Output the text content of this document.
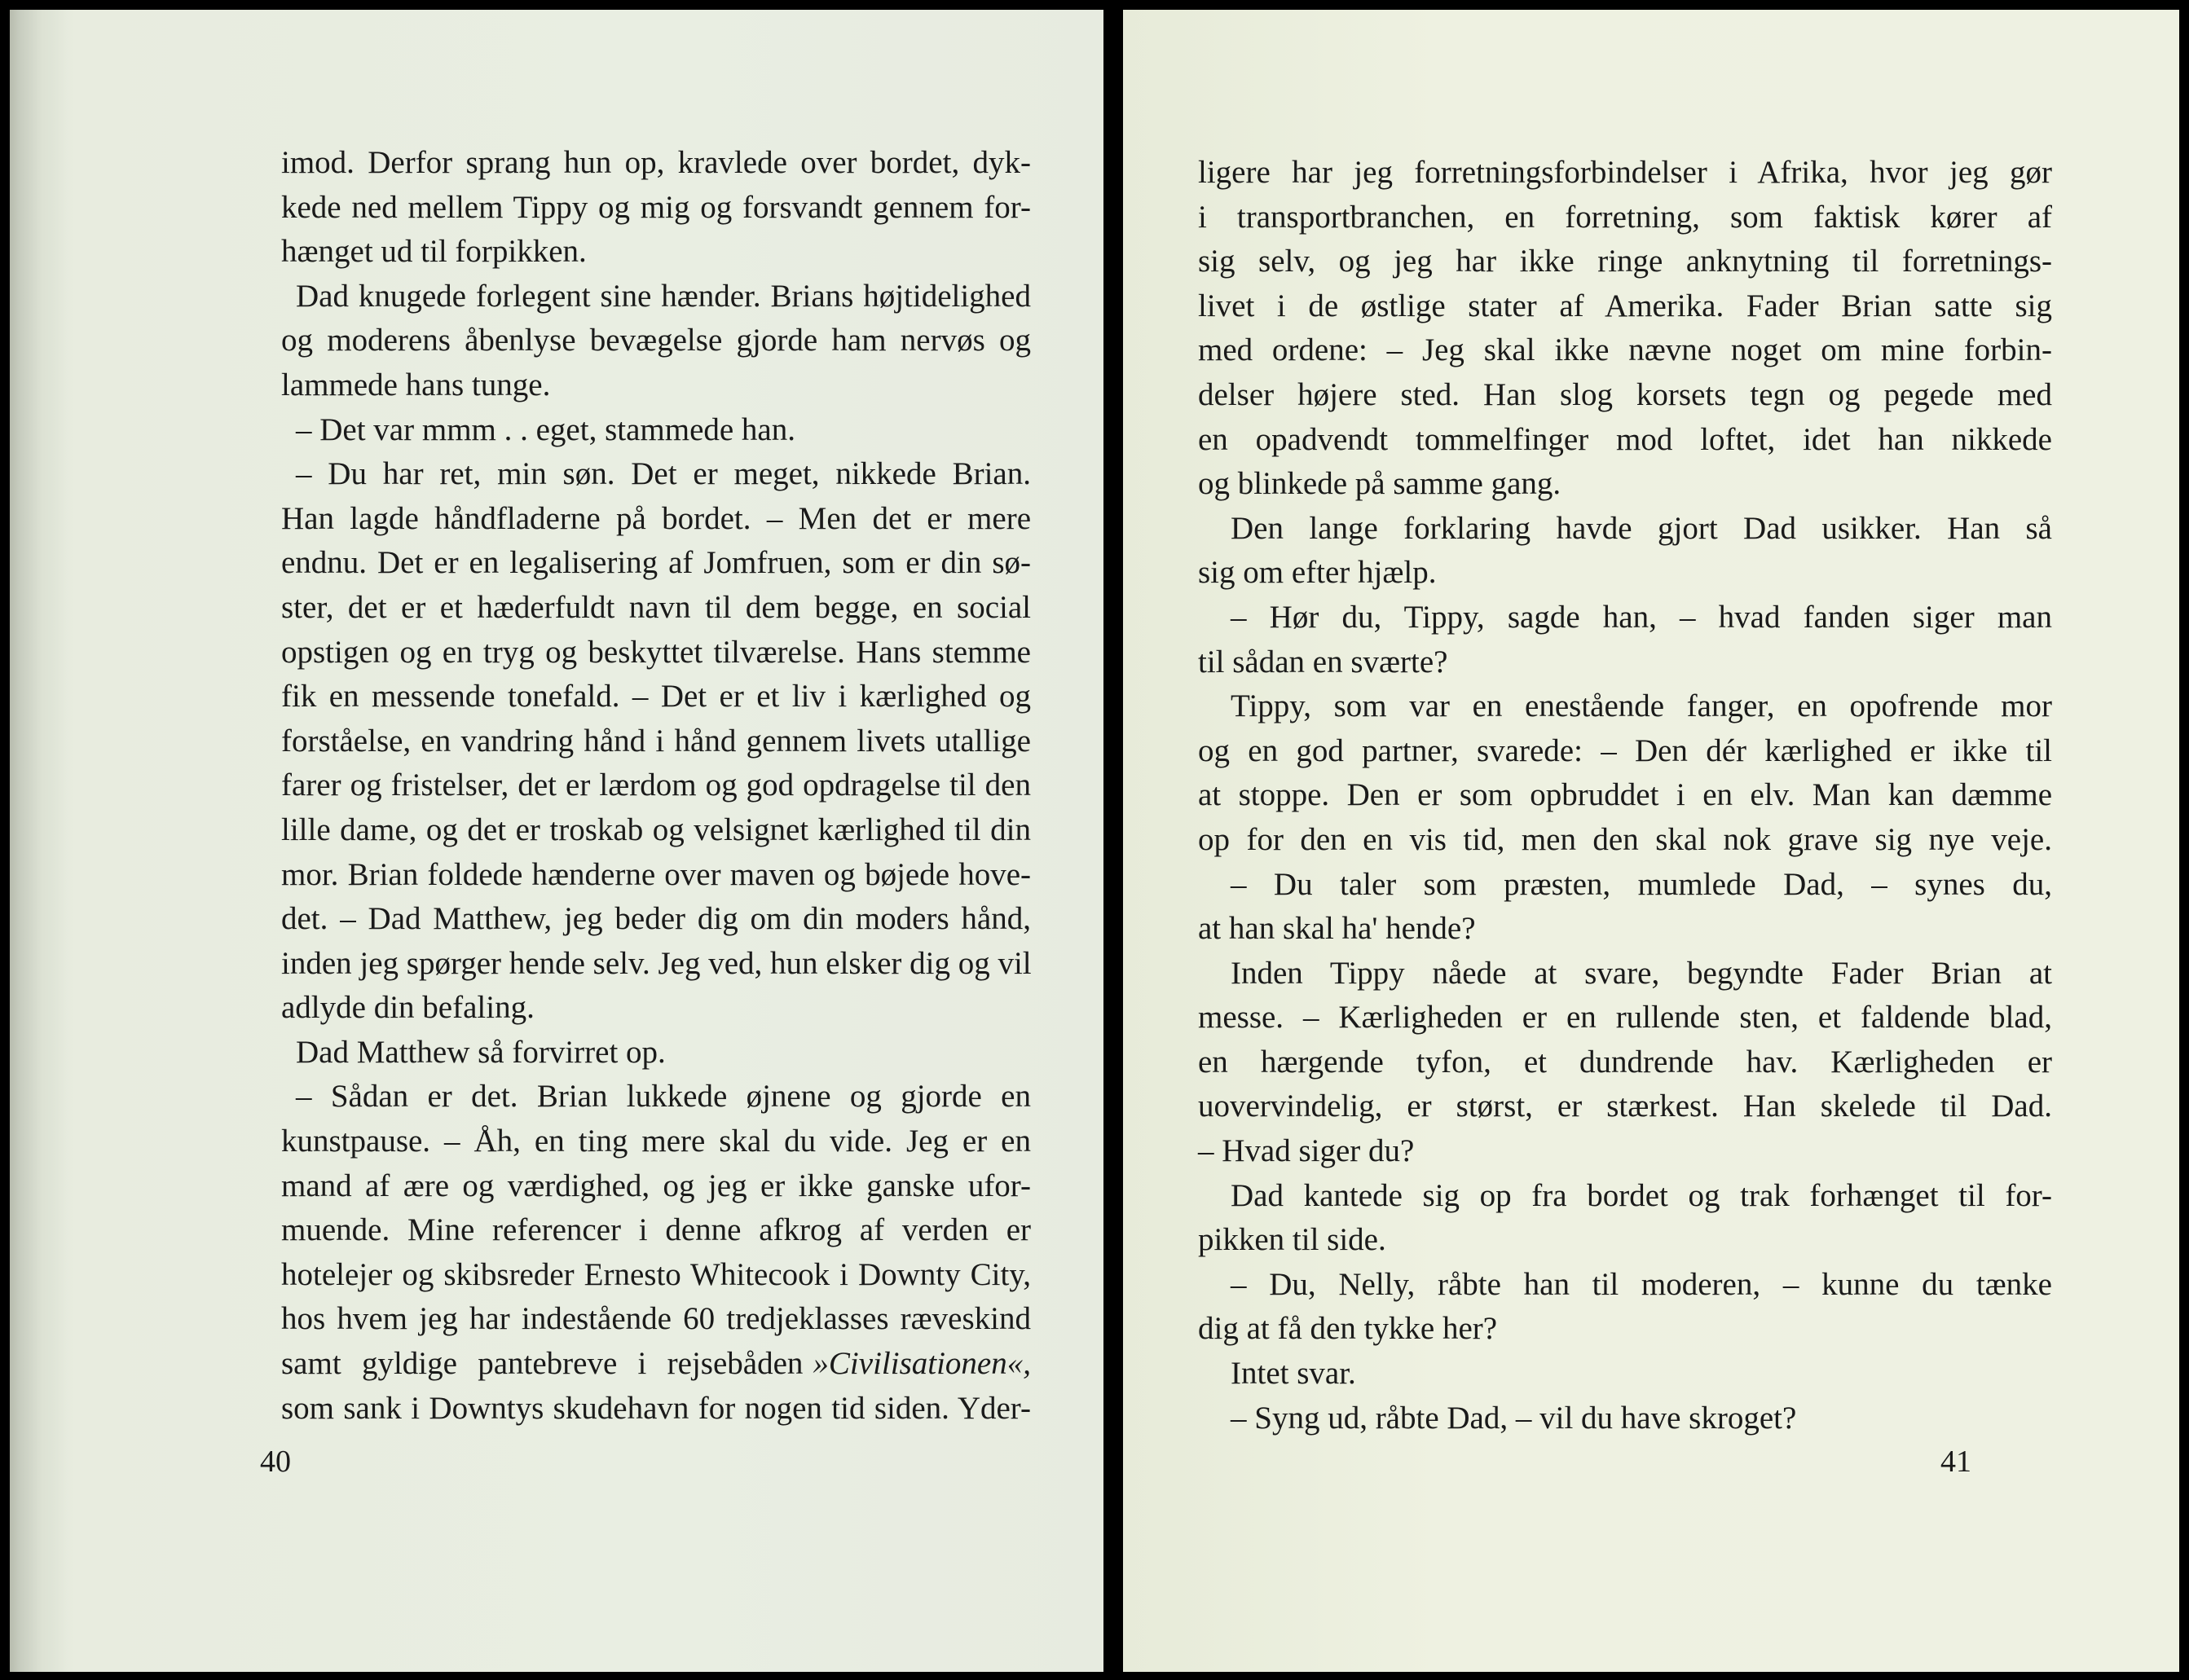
imod. Derfor sprang hun op, kravlede over bordet, dyk-
kede ned mellem Tippy og mig og forsvandt gennem for-
hænget ud til forpikken.
Dad knugede forlegent sine hænder. Brians højtidelighed
og moderens åbenlyse bevægelse gjorde ham nervøs og
lammede hans tunge.
– Det var mmm . . eget, stammede han.
– Du har ret, min søn. Det er meget, nikkede Brian.
Han lagde håndfladerne på bordet. – Men det er mere
endnu. Det er en legalisering af Jomfruen, som er din sø-
ster, det er et hæderfuldt navn til dem begge, en social
opstigen og en tryg og beskyttet tilværelse. Hans stemme
fik en messende tonefald. – Det er et liv i kærlighed og
forståelse, en vandring hånd i hånd gennem livets utallige
farer og fristelser, det er lærdom og god opdragelse til den
lille dame, og det er troskab og velsignet kærlighed til din
mor. Brian foldede hænderne over maven og bøjede hove-
det. – Dad Matthew, jeg beder dig om din moders hånd,
inden jeg spørger hende selv. Jeg ved, hun elsker dig og vil
adlyde din befaling.
Dad Matthew så forvirret op.
– Sådan er det. Brian lukkede øjnene og gjorde en
kunstpause. – Åh, en ting mere skal du vide. Jeg er en
mand af ære og værdighed, og jeg er ikke ganske ufor-
muende. Mine referencer i denne afkrog af verden er
hotelejer og skibsreder Ernesto Whitecook i Downty City,
hos hvem jeg har indestående 60 tredjeklasses ræveskind
samt gyldige pantebreve i rejsebåden »Civilisationen«,
som sank i Downtys skudehavn for nogen tid siden. Yder-
40
ligere har jeg forretningsforbindelser i Afrika, hvor jeg gør
i transportbranchen, en forretning, som faktisk kører af
sig selv, og jeg har ikke ringe anknytning til forretnings-
livet i de østlige stater af Amerika. Fader Brian satte sig
med ordene: – Jeg skal ikke nævne noget om mine forbin-
delser højere sted. Han slog korsets tegn og pegede med
en opadvendt tommelfinger mod loftet, idet han nikkede
og blinkede på samme gang.
Den lange forklaring havde gjort Dad usikker. Han så
sig om efter hjælp.
– Hør du, Tippy, sagde han, – hvad fanden siger man
til sådan en sværte?
Tippy, som var en enestående fanger, en opofrende mor
og en god partner, svarede: – Den dér kærlighed er ikke til
at stoppe. Den er som opbruddet i en elv. Man kan dæmme
op for den en vis tid, men den skal nok grave sig nye veje.
– Du taler som præsten, mumlede Dad, – synes du,
at han skal ha' hende?
Inden Tippy nåede at svare, begyndte Fader Brian at
messe. – Kærligheden er en rullende sten, et faldende blad,
en hærgende tyfon, et dundrende hav. Kærligheden er
uovervindelig, er størst, er stærkest. Han skelede til Dad.
– Hvad siger du?
Dad kantede sig op fra bordet og trak forhænget til for-
pikken til side.
– Du, Nelly, råbte han til moderen, – kunne du tænke
dig at få den tykke her?
Intet svar.
– Syng ud, råbte Dad, – vil du have skroget?
41
